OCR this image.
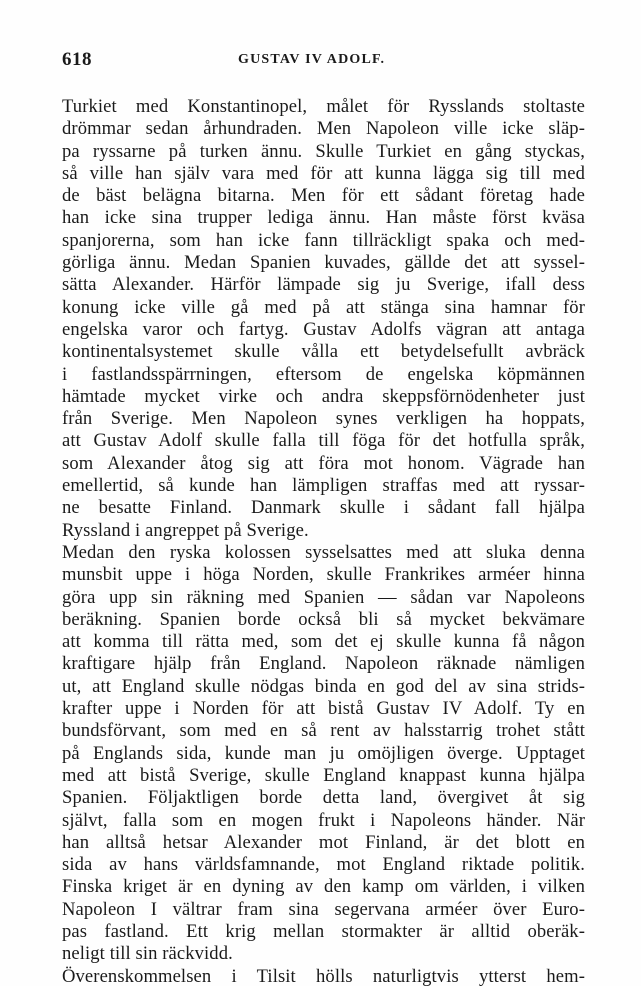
618	GUSTAV IV ADOLF.
Turkiet med Konstantinopel, målet för Rysslands stoltaste
drömmar sedan århundraden. Men Napoleon ville icke släp-
pa ryssarne på turken ännu. Skulle Turkiet en gång styckas,
så ville han själv vara med för att kunna lägga sig till med
de bäst belägna bitarna. Men för ett sådant företag hade
han icke sina trupper lediga ännu. Han måste först kväsa
spanjorerna, som han icke fann tillräckligt spaka och med-
görliga ännu. Medan Spanien kuvades, gällde det att syssel-
sätta Alexander. Härför lämpade sig ju Sverige, ifall dess
konung icke ville gå med på att stänga sina hamnar för
engelska varor och fartyg. Gustav Adolfs vägran att antaga
kontinentalsystemet skulle vålla ett betydelsefullt avbräck
i fastlandsspärrningen, eftersom de engelska köpmännen
hämtade mycket virke och andra skeppsförnödenheter just
från Sverige. Men Napoleon synes verkligen ha hoppats,
att Gustav Adolf skulle falla till föga för det hotfulla språk,
som Alexander åtog sig att föra mot honom. Vägrade han
emellertid, så kunde han lämpligen straffas med att ryssar-
ne besatte Finland. Danmark skulle i sådant fall hjälpa
Ryssland i angreppet på Sverige.
Medan den ryska kolossen sysselsattes med att sluka denna
munsbit uppe i höga Norden, skulle Frankrikes arméer hinna
göra upp sin räkning med Spanien — sådan var Napoleons
beräkning. Spanien borde också bli så mycket bekvämare
att komma till rätta med, som det ej skulle kunna få någon
kraftigare hjälp från England. Napoleon räknade nämligen
ut, att England skulle nödgas binda en god del av sina strids-
krafter uppe i Norden för att bistå Gustav IV Adolf. Ty en
bundsförvant, som med en så rent av halsstarrig trohet stått
på Englands sida, kunde man ju omöjligen överge. Upptaget
med att bistå Sverige, skulle England knappast kunna hjälpa
Spanien. Följaktligen borde detta land, övergivet åt sig
självt, falla som en mogen frukt i Napoleons händer. När
han alltså hetsar Alexander mot Finland, är det blott en
sida av hans världsfamnande, mot England riktade politik.
Finska kriget är en dyning av den kamp om världen, i vilken
Napoleon I vältrar fram sina segervana arméer över Euro-
pas fastland. Ett krig mellan stormakter är alltid oberäk-
neligt till sin räckvidd.
Överenskommelsen i Tilsit hölls naturligtvis ytterst hem-
